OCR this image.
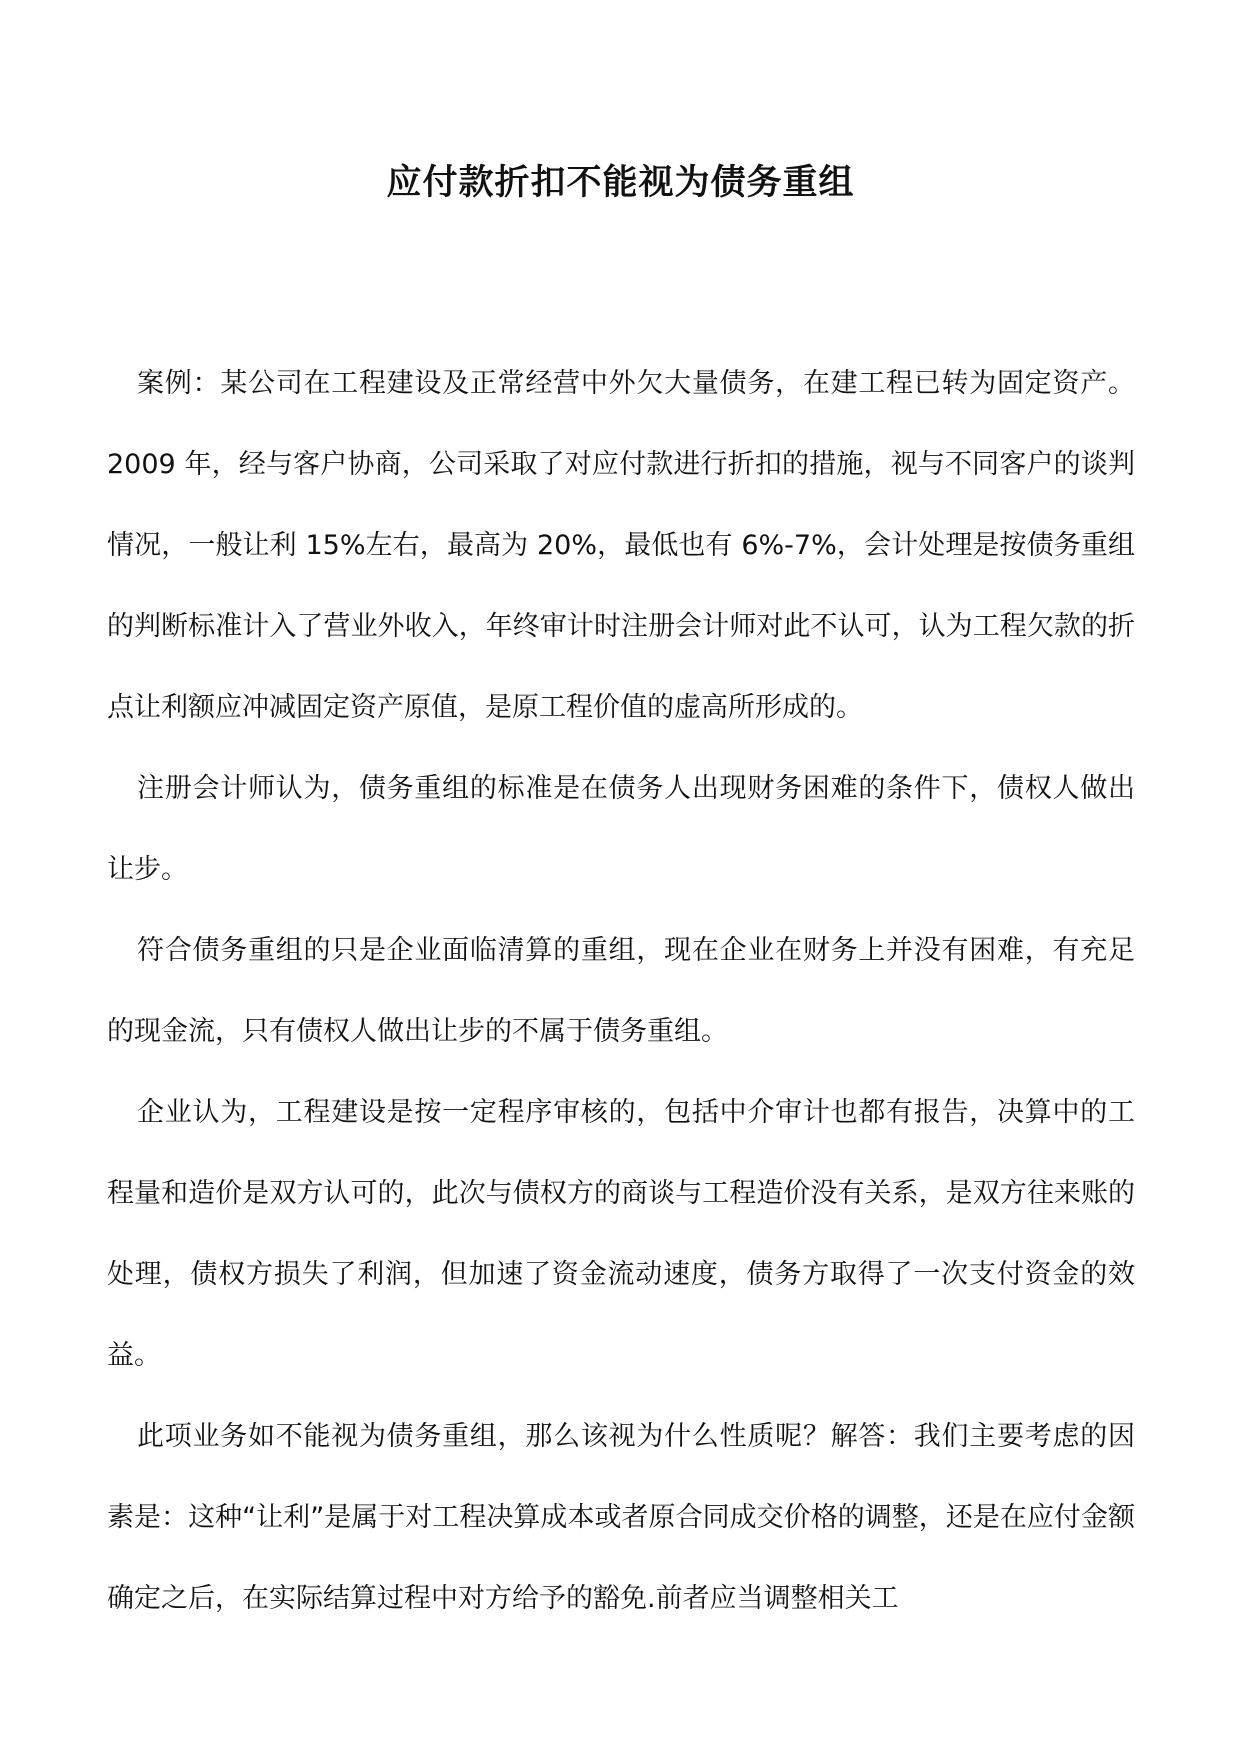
应付款折扣不能视为债务重组

案例：某公司在工程建设及正常经营中外欠大量债务，在建工程已转为固定资产。2009 年，经与客户协商，公司采取了对应付款进行折扣的措施，视与不同客户的谈判情况，一般让利 15%左右，最高为 20%，最低也有 6%-7%，会计处理是按债务重组的判断标准计入了营业外收入，年终审计时注册会计师对此不认可，认为工程欠款的折点让利额应冲减固定资产原值，是原工程价值的虚高所形成的。

注册会计师认为，债务重组的标准是在债务人出现财务困难的条件下，债权人做出让步。

符合债务重组的只是企业面临清算的重组，现在企业在财务上并没有困难，有充足的现金流，只有债权人做出让步的不属于债务重组。

企业认为，工程建设是按一定程序审核的，包括中介审计也都有报告，决算中的工程量和造价是双方认可的，此次与债权方的商谈与工程造价没有关系，是双方往来账的处理，债权方损失了利润，但加速了资金流动速度，债务方取得了一次支付资金的效益。

此项业务如不能视为债务重组，那么该视为什么性质呢？解答：我们主要考虑的因素是：这种“让利”是属于对工程决算成本或者原合同成交价格的调整，还是在应付金额确定之后，在实际结算过程中对方给予的豁免.前者应当调整相关工
